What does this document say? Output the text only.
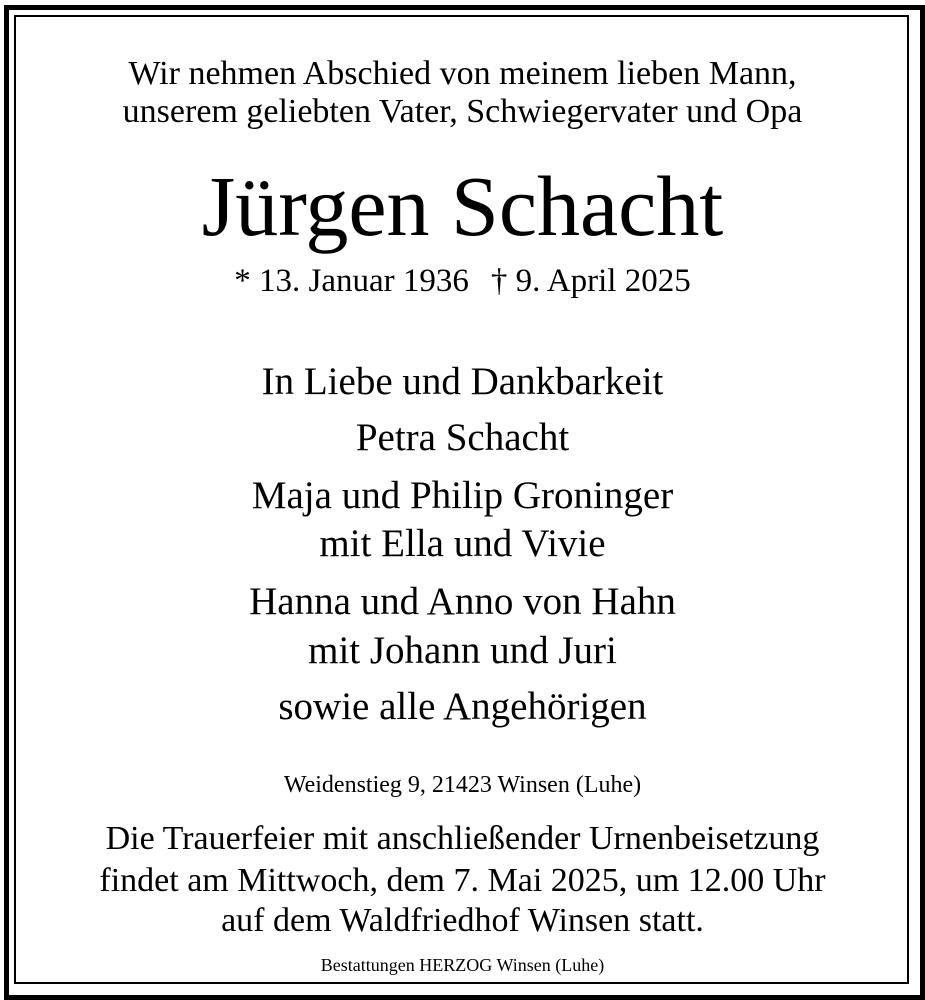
Wir nehmen Abschied von meinem lieben Mann,
unserem geliebten Vater, Schwiegervater und Opa
Jürgen Schacht
* 13. Januar 1936 † 9. April 2025
In Liebe und Dankbarkeit
Petra Schacht
Maja und Philip Groninger
mit Ella und Vivie
Hanna und Anno von Hahn
mit Johann und Juri
sowie alle Angehörigen
Weidenstieg 9, 21423 Winsen (Luhe)
Die Trauerfeier mit anschließender Urnenbeisetzung
findet am Mittwoch, dem 7. Mai 2025, um 12.00 Uhr
auf dem Waldfriedhof Winsen statt.
Bestattungen HERZOG Winsen (Luhe)
